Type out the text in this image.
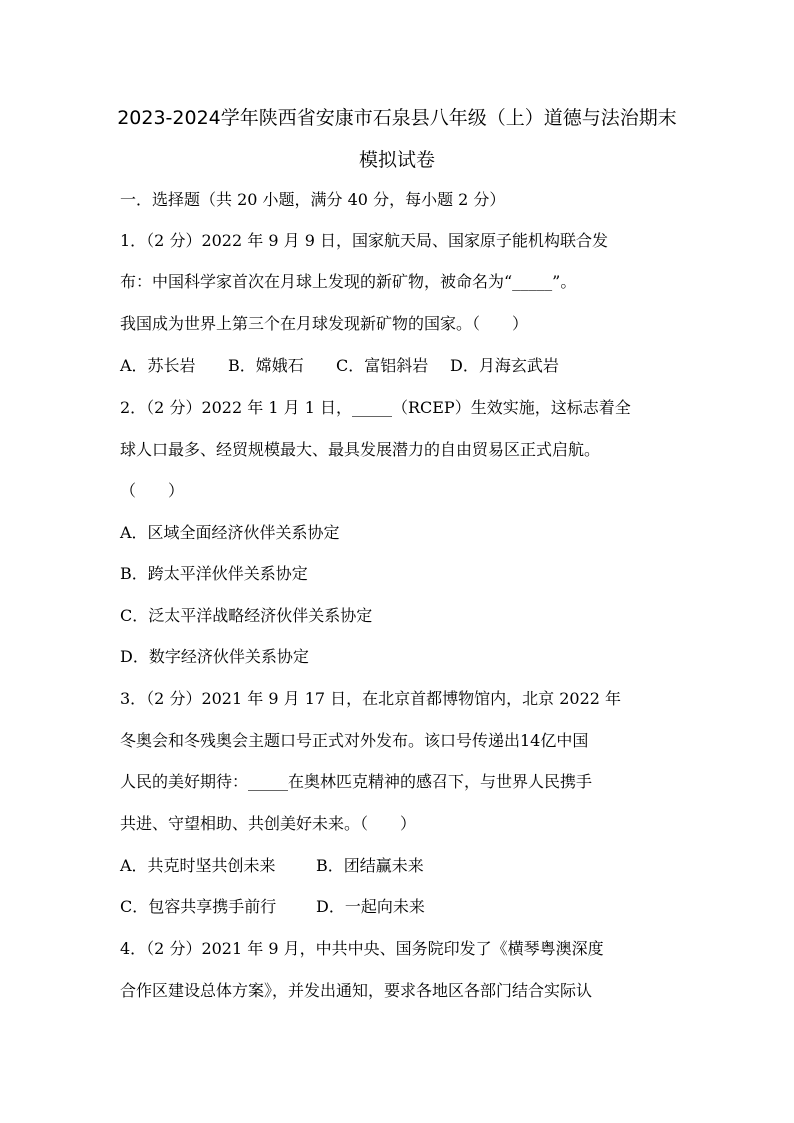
2023-2024学年陕西省安康市石泉县八年级（上）道德与法治期末
模拟试卷
一．选择题（共 20 小题，满分 40 分，每小题 2 分）
1．（2 分）2022 年 9 月 9 日，国家航天局、国家原子能机构联合发
布：中国科学家首次在月球上发现的新矿物，被命名为“_____”。
我国成为世界上第三个在月球发现新矿物的国家。（　　）
A．苏长岩 B．嫦娥石 C．富铝斜岩 D．月海玄武岩
2．（2 分）2022 年 1 月 1 日，_____（RCEP）生效实施，这标志着全
球人口最多、经贸规模最大、最具发展潜力的自由贸易区正式启航。
（　　）
A．区域全面经济伙伴关系协定
B．跨太平洋伙伴关系协定
C．泛太平洋战略经济伙伴关系协定
D．数字经济伙伴关系协定
3．（2 分）2021 年 9 月 17 日，在北京首都博物馆内，北京 2022 年
冬奥会和冬残奥会主题口号正式对外发布。该口号传递出14亿中国
人民的美好期待：_____在奥林匹克精神的感召下，与世界人民携手
共进、守望相助、共创美好未来。（　　）
A．共克时坚共创未来	B．团结赢未来
C．包容共享携手前行 D．一起向未来
4．（2 分）2021 年 9 月，中共中央、国务院印发了《横琴粤澳深度
合作区建设总体方案》，并发出通知，要求各地区各部门结合实际认
